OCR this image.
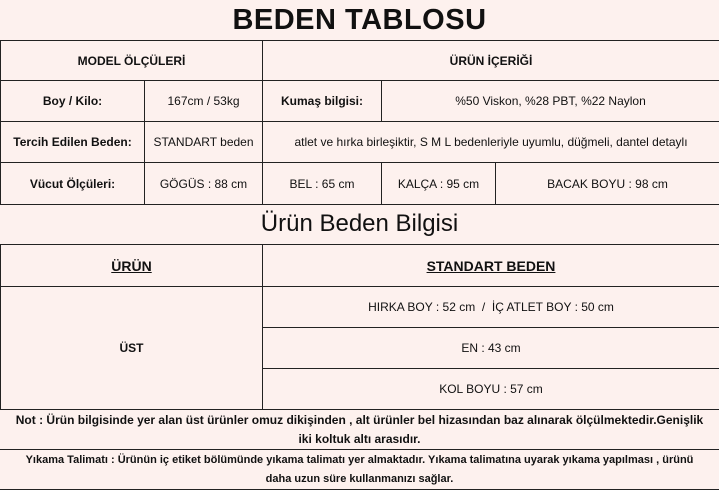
BEDEN TABLOSU
MODEL ÖLÇÜLERİ		ÜRÜN İÇERİĞİ		
Boy / Kilo:	167cm / 53kg	Kumaş bilgisi:	%50 Viskon, %28 PBT, %22 Naylon	
Tercih Edilen Beden:	STANDART beden	atlet ve hırka birleşiktir, S M L bedenleriyle uyumlu, düğmeli, dantel detaylı		
Vücut Ölçüleri:	GÖGÜS : 88 cm	BEL : 65 cm	KALÇA : 95 cm	BACAK BOYU : 98 cm
Ürün Beden Bilgisi
ÜRÜN	STANDART BEDEN
ÜST	HIRKA BOY : 52 cm  /  İÇ ATLET BOY : 50 cm
	EN : 43 cm
	KOL BOYU : 57 cm
Not : Ürün bilgisinde yer alan üst ürünler omuz dikişinden , alt ürünler bel hizasından baz alınarak ölçülmektedir.Genişlik iki koltuk altı arasıdır.
Yıkama Talimatı : Ürünün iç etiket bölümünde yıkama talimatı yer almaktadır. Yıkama talimatına uyarak yıkama yapılması , ürünü daha uzun süre kullanmanızı sağlar.
